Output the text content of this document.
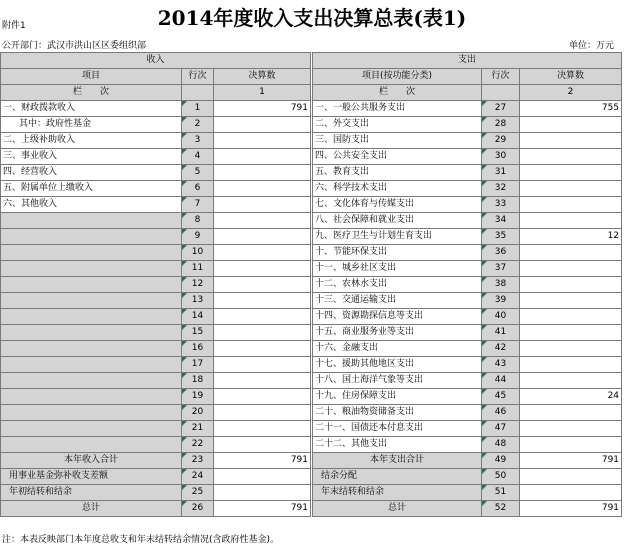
附件1	2014年度收入支出决算总表(表1)
公开部门：武汉市洪山区区委组织部	单位：万元
收入			支出		
项目	行次	决算数	项目(按功能分类)	行次	决算数
栏　　次		1	栏　　次		2
一、财政拨款收入	1	791	一、一般公共服务支出	27	755
其中：政府性基金	2		二、外交支出	28	
二、上级补助收入	3		三、国防支出	29	
三、事业收入	4		四、公共安全支出	30	
四、经营收入	5		五、教育支出	31	
五、附属单位上缴收入	6		六、科学技术支出	32	
六、其他收入	7		七、文化体育与传媒支出	33	
	8		八、社会保障和就业支出	34	
	9		九、医疗卫生与计划生育支出	35	12
	10		十、节能环保支出	36	
	11		十一、城乡社区支出	37	
	12		十二、农林水支出	38	
	13		十三、交通运输支出	39	
	14		十四、资源勘探信息等支出	40	
	15		十五、商业服务业等支出	41	
	16		十六、金融支出	42	
	17		十七、援助其他地区支出	43	
	18		十八、国土海洋气象等支出	44	
	19		十九、住房保障支出	45	24
	20		二十、粮油物资储备支出	46	
	21		二十一、国债还本付息支出	47	
	22		二十二、其他支出	48	
本年收入合计	23	791	本年支出合计	49	791
用事业基金弥补收支差额	24		结余分配	50	
年初结转和结余	25		年末结转和结余	51	
总计	26	791	总计	52	791
注：本表反映部门本年度总收支和年末结转结余情况(含政府性基金)。
